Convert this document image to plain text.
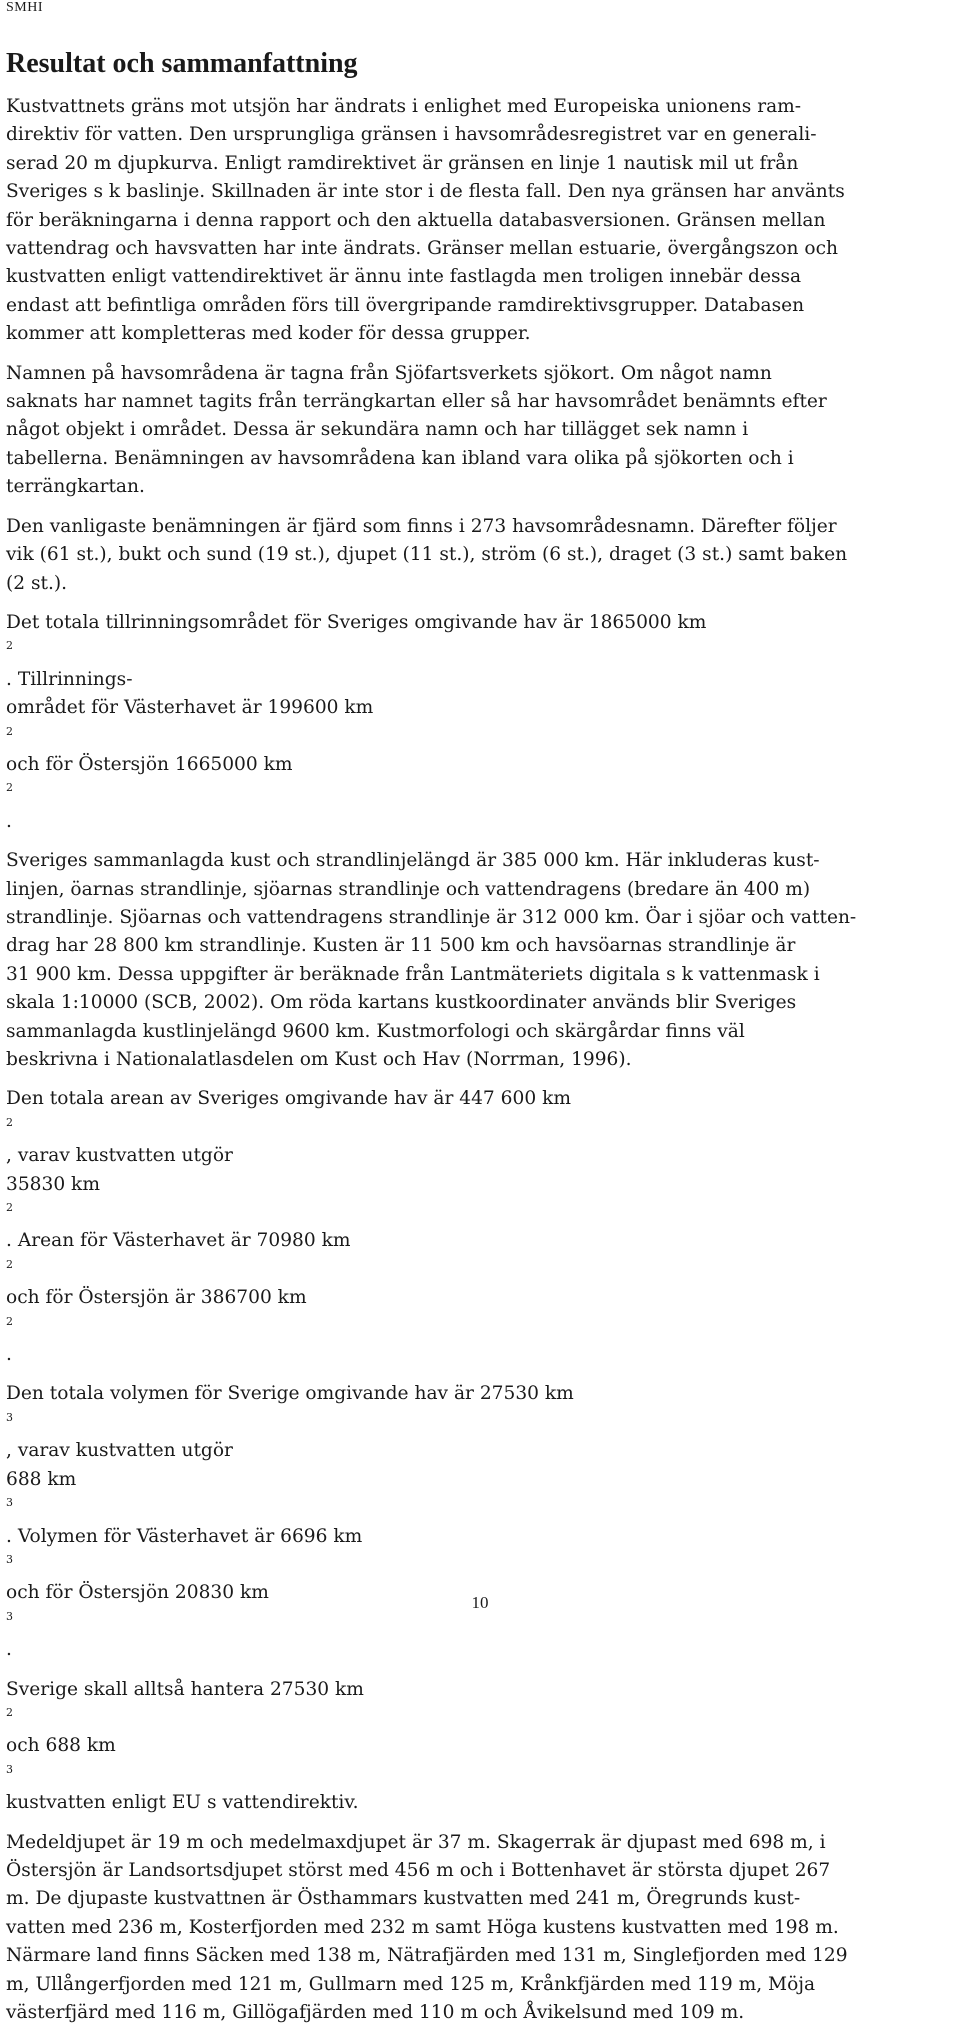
SMHI
Resultat och sammanfattning

Kustvattnets gräns mot utsjön har ändrats i enlighet med Europeiska unionens ram-
direktiv för vatten. Den ursprungliga gränsen i havsområdesregistret var en generali-
serad 20 m djupkurva. Enligt ramdirektivet är gränsen en linje 1 nautisk mil ut från
Sveriges s k baslinje. Skillnaden är inte stor i de flesta fall. Den nya gränsen har använts
för beräkningarna i denna rapport och den aktuella databasversionen. Gränsen mellan
vattendrag och havsvatten har inte ändrats. Gränser mellan estuarie, övergångszon och
kustvatten enligt vattendirektivet är ännu inte fastlagda men troligen innebär dessa
endast att befintliga områden förs till övergripande ramdirektivsgrupper. Databasen
kommer att kompletteras med koder för dessa grupper.

Namnen på havsområdena är tagna från Sjöfartsverkets sjökort. Om något namn
saknats har namnet tagits från terrängkartan eller så har havsområdet benämnts efter
något objekt i området. Dessa är sekundära namn och har tillägget sek namn i
tabellerna. Benämningen av havsområdena kan ibland vara olika på sjökorten och i
terrängkartan.

Den vanligaste benämningen är fjärd som finns i 273 havsområdesnamn. Därefter följer
vik (61 st.), bukt och sund (19 st.), djupet (11 st.), ström (6 st.), draget (3 st.) samt baken
(2 st.).

Det totala tillrinningsområdet för Sveriges omgivande hav är 1865000 km
$^2$
. Tillrinnings-
området för Västerhavet är 199600 km
$^2$
och för Östersjön 1665000 km
$^2$
.

Sveriges sammanlagda kust och strandlinjelängd är 385 000 km. Här inkluderas kust-
linjen, öarnas strandlinje, sjöarnas strandlinje och vattendragens (bredare än 400 m)
strandlinje. Sjöarnas och vattendragens strandlinje är 312 000 km. Öar i sjöar och vatten-
drag har 28 800 km strandlinje. Kusten är 11 500 km och havsöarnas strandlinje är
31 900 km. Dessa uppgifter är beräknade från Lantmäteriets digitala s k vattenmask i
skala 1:10000 (SCB, 2002). Om röda kartans kustkoordinater används blir Sveriges
sammanlagda kustlinjelängd 9600 km. Kustmorfologi och skärgårdar finns väl
beskrivna i Nationalatlasdelen om Kust och Hav (Norrman, 1996).

Den totala arean av Sveriges omgivande hav är 447 600 km
$^2$
, varav kustvatten utgör
35830 km
$^2$
. Arean för Västerhavet är 70980 km
$^2$
och för Östersjön är 386700 km
$^2$
.

Den totala volymen för Sverige omgivande hav är 27530 km
$^3$
, varav kustvatten utgör
688 km
$^3$
. Volymen för Västerhavet är 6696 km
$^3$
och för Östersjön 20830 km
$^3$
.

Sverige skall alltså hantera 27530 km
$^2$
och 688 km
$^3$
kustvatten enligt EU s vattendirektiv.

Medeldjupet är 19 m och medelmaxdjupet är 37 m. Skagerrak är djupast med 698 m, i
Östersjön är Landsortsdjupet störst med 456 m och i Bottenhavet är största djupet 267
m. De djupaste kustvattnen är Östhammars kustvatten med 241 m, Öregrunds kust-
vatten med 236 m, Kosterfjorden med 232 m samt Höga kustens kustvatten med 198 m.
Närmare land finns Säcken med 138 m, Nätrafjärden med 131 m, Singlefjorden med 129
m, Ullångerfjorden med 121 m, Gullmarn med 125 m, Krånkfjärden med 119 m, Möja
västerfjärd med 116 m, Gillögafjärden med 110 m och Åvikelsund med 109 m.

10
